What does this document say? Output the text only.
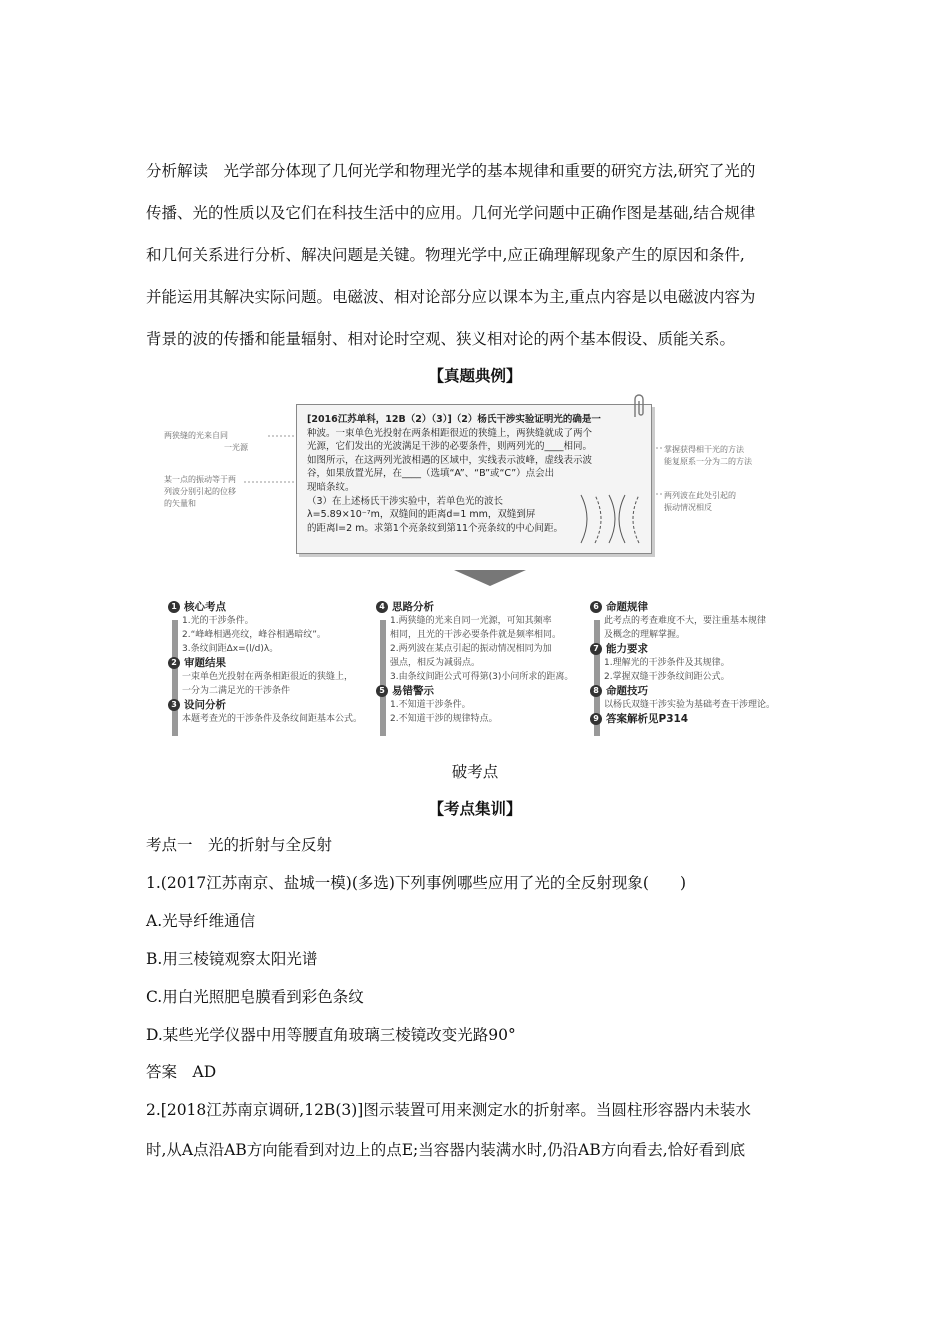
分析解读　光学部分体现了几何光学和物理光学的基本规律和重要的研究方法,研究了光的
传播、光的性质以及它们在科技生活中的应用。几何光学问题中正确作图是基础,结合规律
和几何关系进行分析、解决问题是关键。物理光学中,应正确理解现象产生的原因和条件,
并能运用其解决实际问题。电磁波、相对论部分应以课本为主,重点内容是以电磁波内容为
背景的波的传播和能量辐射、相对论时空观、狭义相对论的两个基本假设、质能关系。
【真题典例】
两狭缝的光来自同
一光源
某一点的振动等于两
列波分别引起的位移
的矢量和
掌握获得相干光的方法
能复原系一分为二的方法
两列波在此处引起的
振动情况相反
[2016江苏单科，12B（2）（3）]（2）杨氏干涉实验证明光的确是一
种波。一束单色光投射在两条相距很近的狭缝上，两狭缝就成了两个
光源，它们发出的光波满足干涉的必要条件，则两列光的____相同。
如图所示，在这两列光波相遇的区域中，实线表示波峰，虚线表示波
谷，如果放置光屏，在____（选填“A”、“B”或“C”）点会出
现暗条纹。
（3）在上述杨氏干涉实验中，若单色光的波长
λ=5.89×10⁻⁷m，双缝间的距离d=1 mm，双缝到屏
的距离l=2 m。求第1个亮条纹到第11个亮条纹的中心间距。
1 核心考点
1.光的干涉条件。
2.“峰峰相遇亮纹，峰谷相遇暗纹”。
3.条纹间距Δx=(l/d)λ。
2 审题结果
一束单色光投射在两条相距很近的狭缝上，
一分为二满足光的干涉条件
3 设问分析
本题考查光的干涉条件及条纹间距基本公式。
4 思路分析
1.两狭缝的光来自同一光源，可知其频率
相同，且光的干涉必要条件就是频率相同。
2.两列波在某点引起的振动情况相同为加
强点，相反为减弱点。
3.由条纹间距公式可得第(3)小问所求的距离。
5 易错警示
1.不知道干涉条件。
2.不知道干涉的规律特点。
6 命题规律
此考点的考查难度不大，要注重基本规律
及概念的理解掌握。
7 能力要求
1.理解光的干涉条件及其规律。
2.掌握双缝干涉条纹间距公式。
8 命题技巧
以杨氏双缝干涉实验为基础考查干涉理论。
9 答案解析见P314
破考点
【考点集训】
考点一　光的折射与全反射
1.(2017江苏南京、盐城一模)(多选)下列事例哪些应用了光的全反射现象(　　)
A.光导纤维通信
B.用三棱镜观察太阳光谱
C.用白光照肥皂膜看到彩色条纹
D.某些光学仪器中用等腰直角玻璃三棱镜改变光路90°
答案　AD
2.[2018江苏南京调研,12B(3)]图示装置可用来测定水的折射率。当圆柱形容器内未装水
时,从A点沿AB方向能看到对边上的点E;当容器内装满水时,仍沿AB方向看去,恰好看到底
